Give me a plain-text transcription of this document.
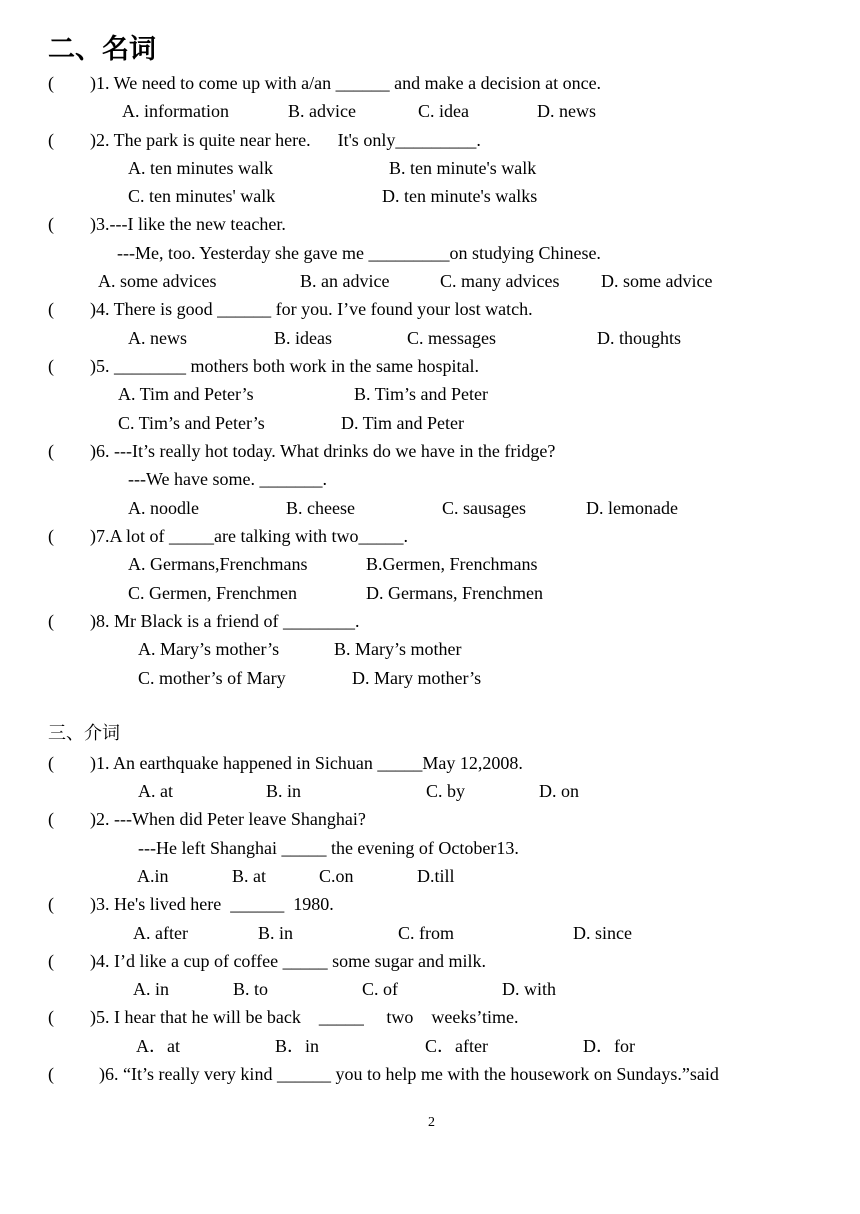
二、名词
(        )1. We need to come up with a/an ______ and make a decision at once.
A. information	B. advice	C. idea	D. news
(        )2. The park is quite near here.      It's only_________.
A. ten minutes walk	B. ten minute's walk
C. ten minutes' walk	D. ten minute's walks
(        )3.---I like the new teacher.
---Me, too. Yesterday she gave me _________on studying Chinese.
A. some advices	B. an advice	C. many advices D. some advice
(        )4. There is good ______ for you. I’ve found your lost watch.
A. news	B. ideas	C. messages	D. thoughts
(        )5. ________ mothers both work in the same hospital.
A. Tim and Peter’s	B. Tim’s and Peter
C. Tim’s and Peter’s	D. Tim and Peter
(        )6. ---It’s really hot today. What drinks do we have in the fridge?
---We have some. _______.
A. noodle	B. cheese	C. sausages	D. lemonade
(        )7.A lot of _____are talking with two_____.
A. Germans,Frenchmans	B.Germen, Frenchmans
C. Germen, Frenchmen	D. Germans, Frenchmen
(        )8. Mr Black is a friend of ________.
A. Mary’s mother’s	B. Mary’s mother
C. mother’s of Mary	D. Mary mother’s
三、介词
(        )1. An earthquake happened in Sichuan _____May 12,2008.
A. at	B. in	C. by	D. on
(        )2. ---When did Peter leave Shanghai?
---He left Shanghai _____ the evening of October13.
A.in	B. at	C.on	D.till
(        )3. He's lived here  ______  1980.
A. after	B. in	C. from	D. since
(        )4. I’d like a cup of coffee _____ some sugar and milk.
A. in	B. to	C. of	D. with
(        )5. I hear that he will be back    _____     two    weeks’time.
A．at	B．in	C．after	D．for
(          )6. “It’s really very kind ______ you to help me with the housework on Sundays.”said
2
